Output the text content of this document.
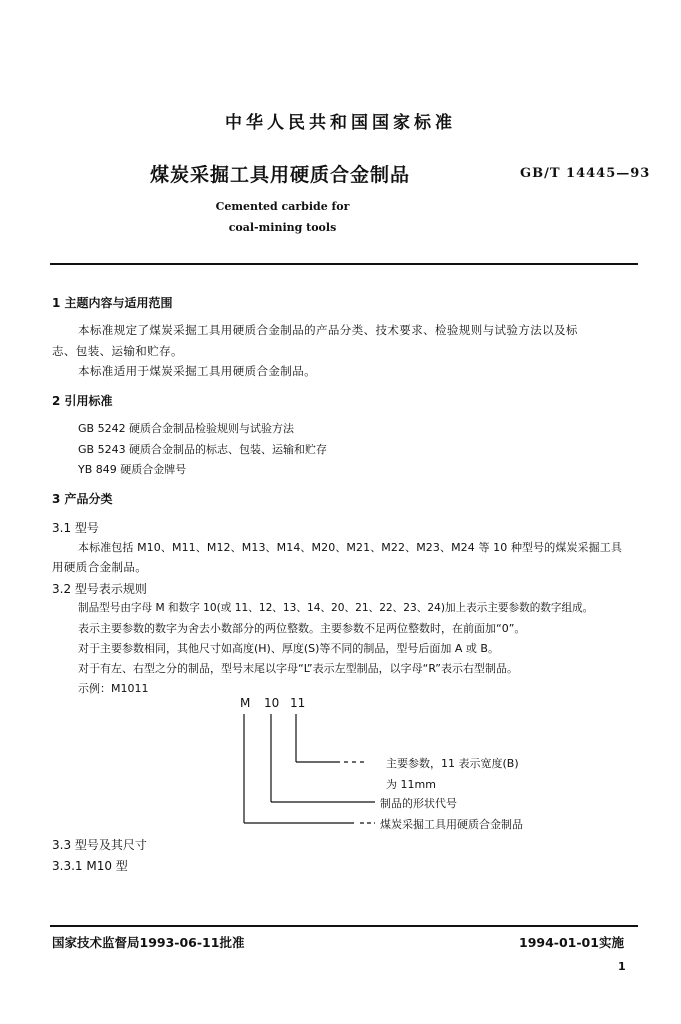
中华人民共和国国家标准
煤炭采掘工具用硬质合金制品	GB/T 14445—93
Cemented carbide for
coal-mining tools
1 主题内容与适用范围
本标准规定了煤炭采掘工具用硬质合金制品的产品分类、技术要求、检验规则与试验方法以及标
志、包装、运输和贮存。
本标准适用于煤炭采掘工具用硬质合金制品。
2 引用标准
GB 5242 硬质合金制品检验规则与试验方法
GB 5243 硬质合金制品的标志、包装、运输和贮存
YB 849 硬质合金牌号
3 产品分类
3.1 型号
本标准包括 M10、M11、M12、M13、M14、M20、M21、M22、M23、M24 等 10 种型号的煤炭采掘工具
用硬质合金制品。
3.2 型号表示规则
制品型号由字母 M 和数字 10(或 11、12、13、14、20、21、22、23、24)加上表示主要参数的数字组成。
表示主要参数的数字为舍去小数部分的两位整数。主要参数不足两位整数时，在前面加“0”。
对于主要参数相同，其他尺寸如高度(H)、厚度(S)等不同的制品，型号后面加 A 或 B。
对于有左、右型之分的制品，型号末尾以字母“L”表示左型制品，以字母“R”表示右型制品。
示例：M1011
M 10 11
主要参数，11 表示宽度(B)
为 11mm
制品的形状代号
煤炭采掘工具用硬质合金制品
3.3 型号及其尺寸
3.3.1 M10 型
国家技术监督局1993-06-11批准	1994-01-01实施
1
